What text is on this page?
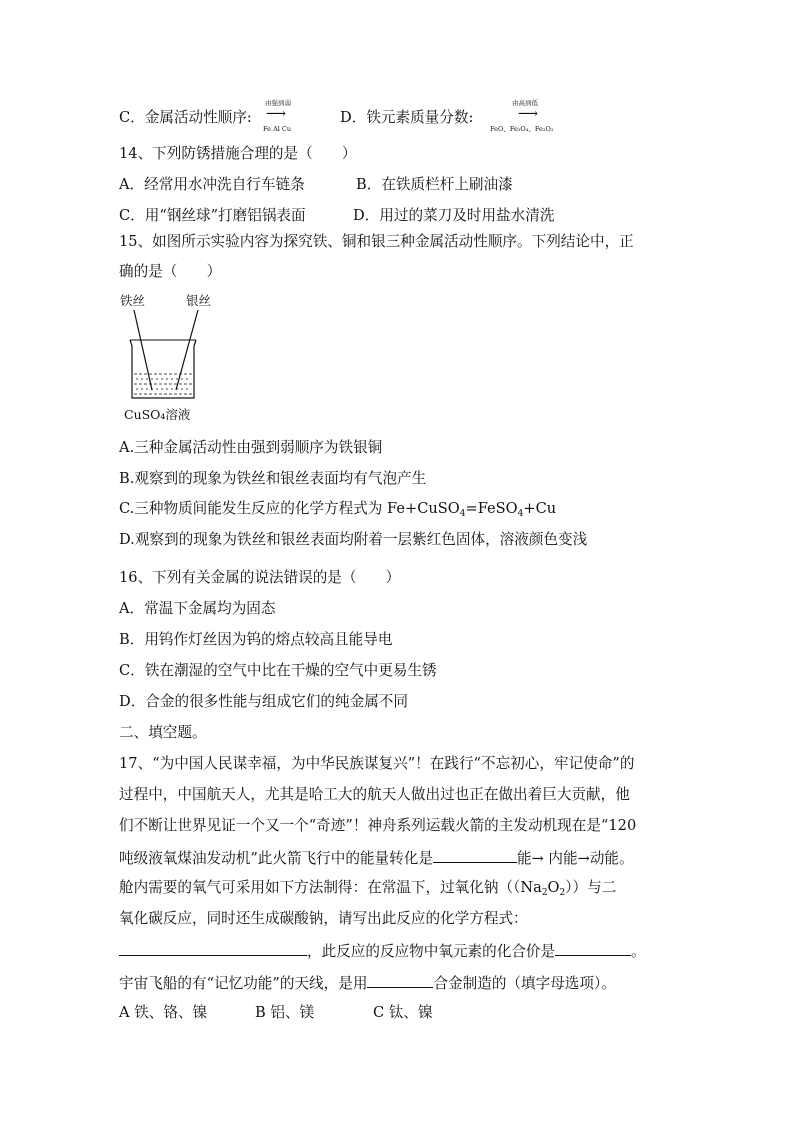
C．金属活动性顺序:
由强到弱
⟶
Fe Al Cu
D．铁元素质量分数:
由高到低
⟶
FeO、Fe₃O₄、Fe₂O₃
14、下列防锈措施合理的是（　　）
A．经常用水冲洗自行车链条	B．在铁质栏杆上刷油漆
C．用“钢丝球”打磨铝锅表面	D．用过的菜刀及时用盐水清洗
15、如图所示实验内容为探究铁、铜和银三种金属活动性顺序。下列结论中，正
确的是（　　）
铁丝	银丝
CuSO₄溶液
A.三种金属活动性由强到弱顺序为铁银铜
B.观察到的现象为铁丝和银丝表面均有气泡产生
C.三种物质间能发生反应的化学方程式为 Fe+CuSO$_4$=FeSO$_4$+Cu
D.观察到的现象为铁丝和银丝表面均附着一层紫红色固体，溶液颜色变浅
16、下列有关金属的说法错误的是（　　）
A．常温下金属均为固态
B．用钨作灯丝因为钨的熔点较高且能导电
C．铁在潮湿的空气中比在干燥的空气中更易生锈
D．合金的很多性能与组成它们的纯金属不同
二、填空题。
17、“为中国人民谋幸福，为中华民族谋复兴”！在践行“不忘初心，牢记使命”的
过程中，中国航天人，尤其是哈工大的航天人做出过也正在做出着巨大贡献，他
们不断让世界见证一个又一个“奇迹”！神舟系列运载火箭的主发动机现在是“120
吨级液氧煤油发动机”此火箭飞行中的能量转化是	能→ 内能→动能。
舱内需要的氧气可采用如下方法制得：在常温下，过氧化钠$((Na_2O_2))$与二
氧化碳反应，同时还生成碳酸钠，请写出此反应的化学方程式：
，此反应的反应物中氧元素的化合价是	。
宇宙飞船的有“记忆功能”的天线，是用	合金制造的（填字母选项）。
A 铁、铬、镍	B 铝、镁	C 钛、镍
